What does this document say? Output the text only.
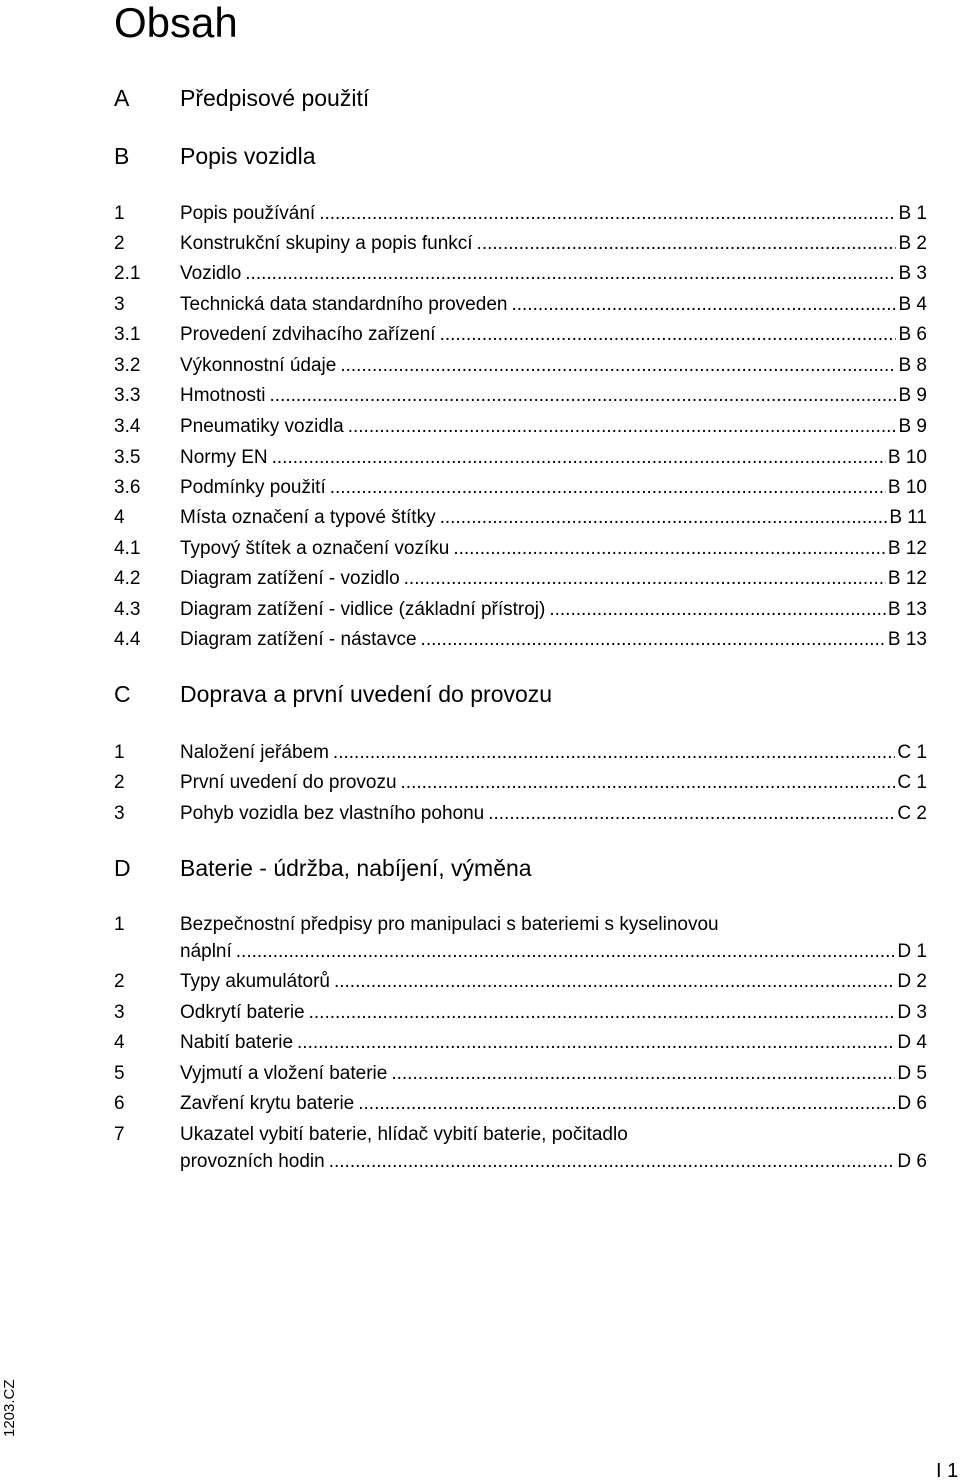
Obsah
A Předpisové použití
B Popis vozidla
1	Popis používání .....	B 1
2	Konstrukční skupiny a popis funkcí .....	B 2
2.1 Vozidlo .....	B 3
3	Technická data standardního proveden .....	B 4
3.1 Provedení zdvihacího zařízení .....	B 6
3.2 Výkonnostní údaje .....	B 8
3.3 Hmotnosti .....	B 9
3.4 Pneumatiky vozidla .....	B 9
3.5 Normy EN .....	B 10
3.6 Podmínky použití .....	B 10
4	Místa označení a typové štítky .....	B 11
4.1 Typový štítek a označení vozíku .....	B 12
4.2 Diagram zatížení - vozidlo .....	B 12
4.3 Diagram zatížení - vidlice (základní přístroj) .....	B 13
4.4 Diagram zatížení - nástavce .....	B 13
C Doprava a první uvedení do provozu
1	Naložení jeřábem .....	C 1
2	První uvedení do provozu .....	C 1
3	Pohyb vozidla bez vlastního pohonu .....	C 2
D Baterie - údržba, nabíjení, výměna
1	Bezpečnostní předpisy pro manipulaci s bateriemi s kyselinovou
náplní .....	D 1
2	Typy akumulátorů .....	D 2
3	Odkrytí baterie .....	D 3
4	Nabití baterie .....	D 4
5	Vyjmutí a vložení baterie .....	D 5
6	Zavření krytu baterie .....	D 6
7	Ukazatel vybití baterie, hlídač vybití baterie, počitadlo
provozních hodin .....	D 6
1203.CZ
I 1
